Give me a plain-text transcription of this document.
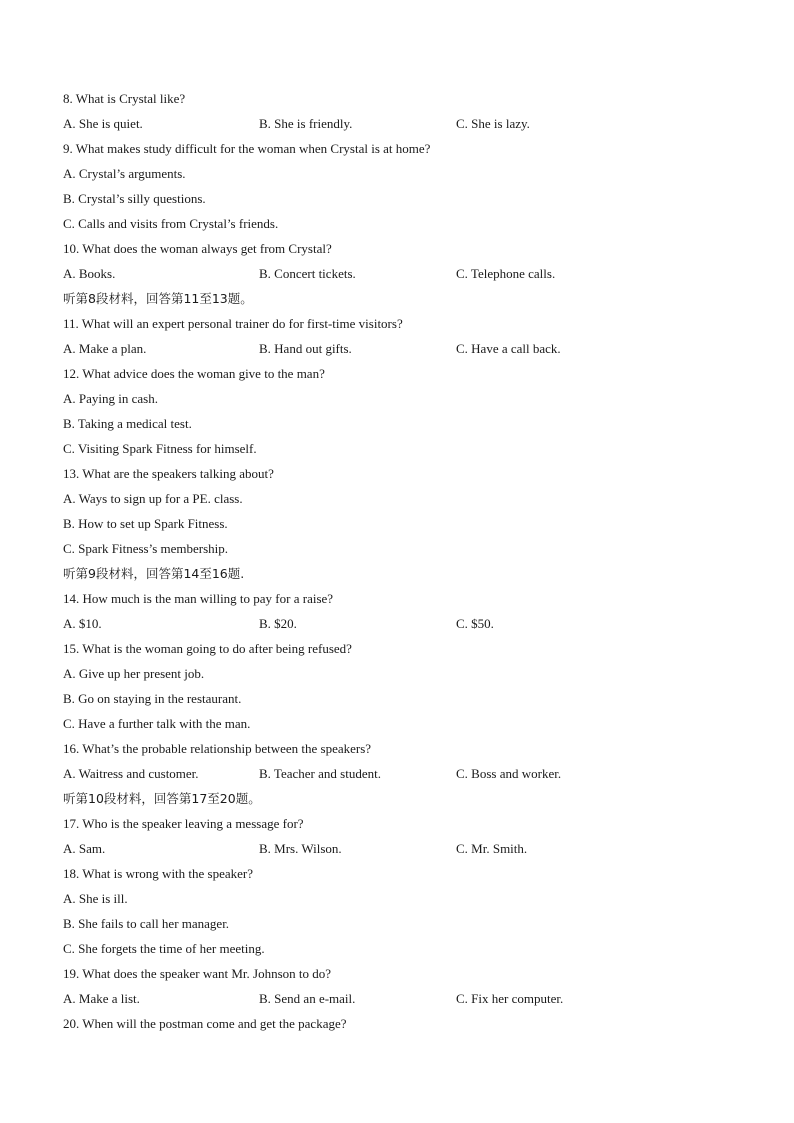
8. What is Crystal like?
A. She is quiet.	B. She is friendly.	C. She is lazy.
9. What makes study difficult for the woman when Crystal is at home?
A. Crystal’s arguments.
B. Crystal’s silly questions.
C. Calls and visits from Crystal’s friends.
10. What does the woman always get from Crystal?
A. Books.	B. Concert tickets.	C. Telephone calls.
听第8段材料，回答第11至13题。
11. What will an expert personal trainer do for first-time visitors?
A. Make a plan.	B. Hand out gifts.	C. Have a call back.
12. What advice does the woman give to the man?
A. Paying in cash.
B. Taking a medical test.
C. Visiting Spark Fitness for himself.
13. What are the speakers talking about?
A. Ways to sign up for a PE. class.
B. How to set up Spark Fitness.
C. Spark Fitness’s membership.
听第9段材料，回答第14至16题.
14. How much is the man willing to pay for a raise?
A. $10.	B. $20.	C. $50.
15. What is the woman going to do after being refused?
A. Give up her present job.
B. Go on staying in the restaurant.
C. Have a further talk with the man.
16. What’s the probable relationship between the speakers?
A. Waitress and customer.	B. Teacher and student.	C. Boss and worker.
听第10段材料，回答第17至20题。
17. Who is the speaker leaving a message for?
A. Sam.	B. Mrs. Wilson.	C. Mr. Smith.
18. What is wrong with the speaker?
A. She is ill.
B. She fails to call her manager.
C. She forgets the time of her meeting.
19. What does the speaker want Mr. Johnson to do?
A. Make a list.	B. Send an e-mail.	C. Fix her computer.
20. When will the postman come and get the package?
